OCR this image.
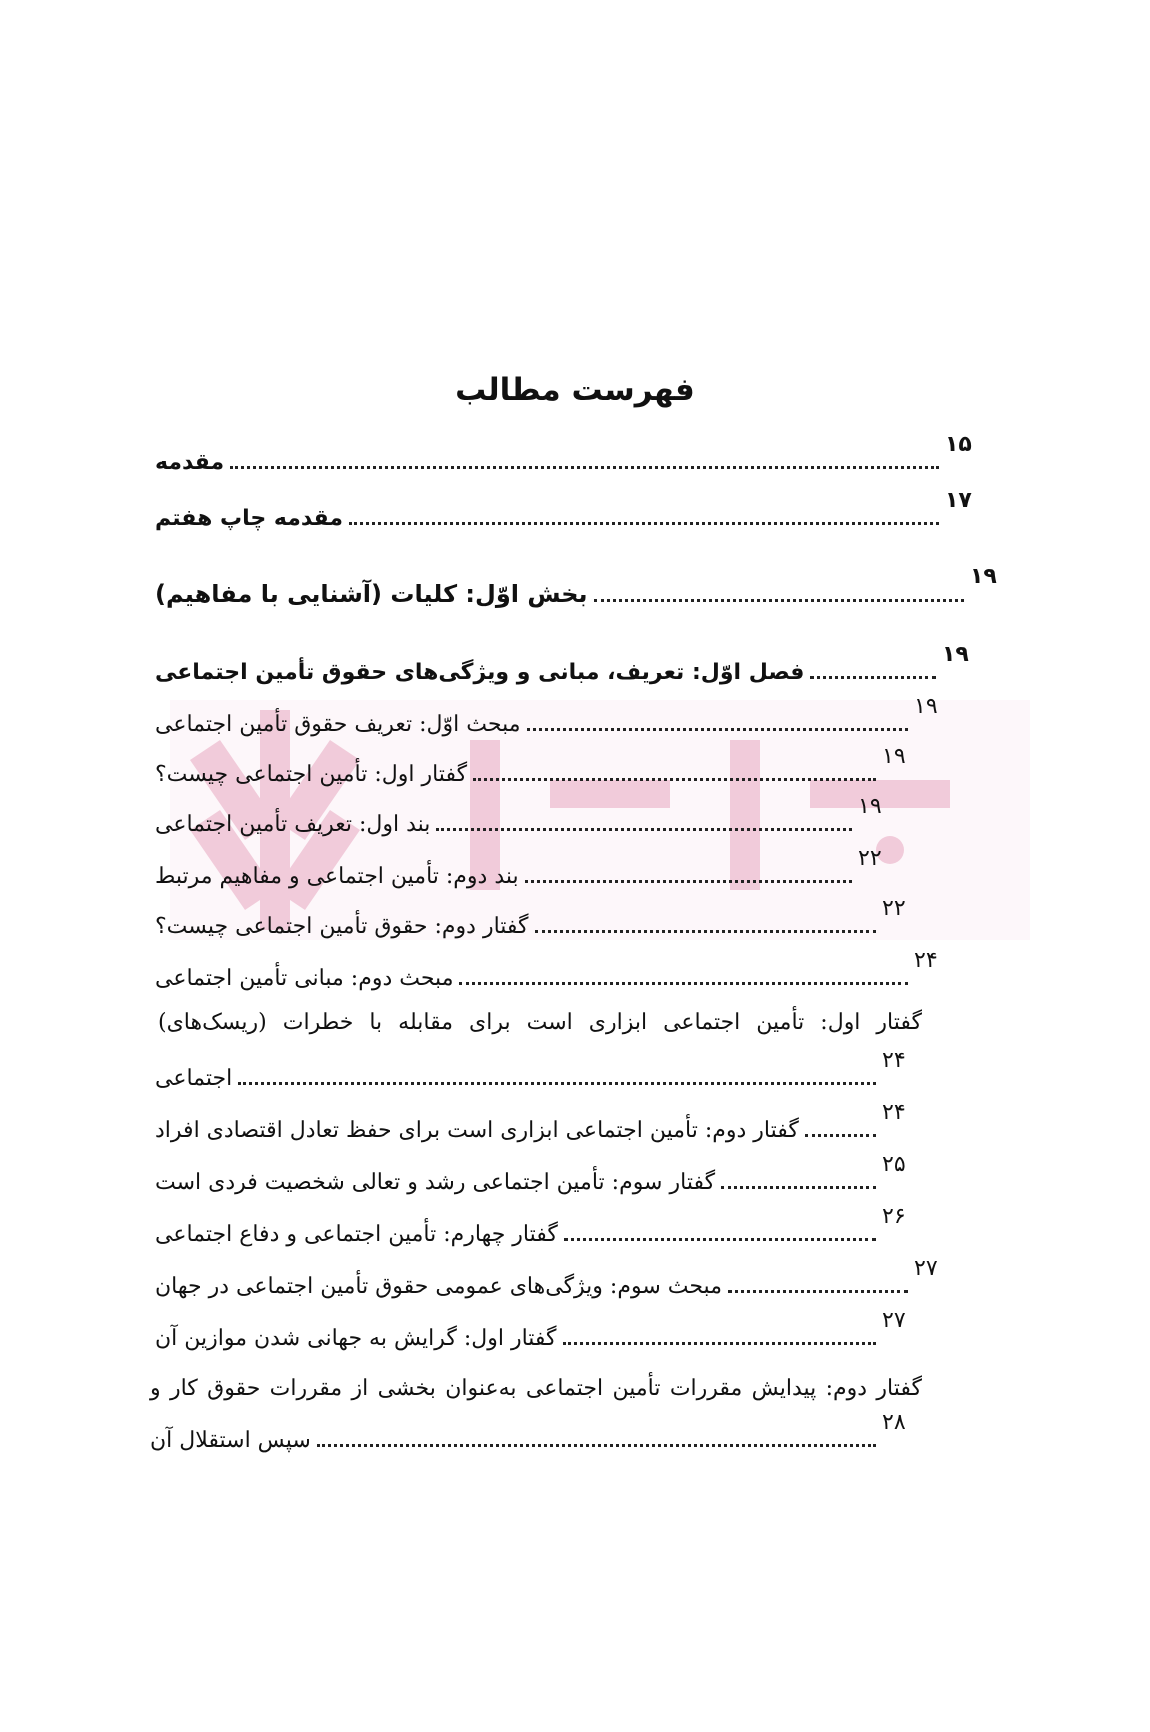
فهرست مطالب
مقدمه
۱۵
مقدمه چاپ هفتم
۱۷
بخش اوّل: کلیات (آشنایی با مفاهیم)
۱۹
فصل اوّل: تعریف، مبانی و ویژگی‌های حقوق تأمین اجتماعی
۱۹
مبحث اوّل: تعریف حقوق تأمین اجتماعی
۱۹
گفتار اول: تأمین اجتماعی چیست؟
۱۹
بند اول: تعریف تأمین اجتماعی
۱۹
بند دوم: تأمین اجتماعی و مفاهیم مرتبط
۲۲
گفتار دوم: حقوق تأمین اجتماعی چیست؟
۲۲
مبحث دوم: مبانی تأمین اجتماعی
۲۴
گفتار اول: تأمین اجتماعی ابزاری است برای مقابله با خطرات (ریسک‌های)
اجتماعی
۲۴
گفتار دوم: تأمین اجتماعی ابزاری است برای حفظ تعادل اقتصادی افراد
۲۴
گفتار سوم: تأمین اجتماعی رشد و تعالی شخصیت فردی است
۲۵
گفتار چهارم: تأمین اجتماعی و دفاع اجتماعی
۲۶
مبحث سوم: ویژگی‌های عمومی حقوق تأمین اجتماعی در جهان
۲۷
گفتار اول: گرایش به جهانی شدن موازین آن
۲۷
گفتار دوم: پیدایش مقررات تأمین اجتماعی به‌عنوان بخشی از مقررات حقوق کار و
سپس استقلال آن
۲۸
